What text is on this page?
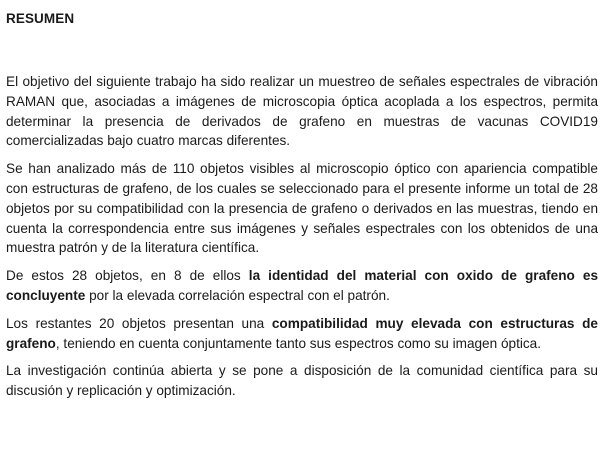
RESUMEN

El objetivo del siguiente trabajo ha sido realizar un muestreo de señales espectrales de vibración RAMAN que, asociadas a imágenes de microscopia óptica acoplada a los espectros, permita determinar la presencia de derivados de grafeno en muestras de vacunas COVID19 comercializadas bajo cuatro marcas diferentes.

Se han analizado más de 110 objetos visibles al microscopio óptico con apariencia compatible con estructuras de grafeno, de los cuales se seleccionado para el presente informe un total de 28 objetos por su compatibilidad con la presencia de grafeno o derivados en las muestras, tiendo en cuenta la correspondencia entre sus imágenes y señales espectrales con los obtenidos de una muestra patrón y de la literatura científica.

De estos 28 objetos, en 8 de ellos la identidad del material con oxido de grafeno es concluyente por la elevada correlación espectral con el patrón.

Los restantes 20 objetos presentan una compatibilidad muy elevada con estructuras de grafeno, teniendo en cuenta conjuntamente tanto sus espectros como su imagen óptica.

La investigación continúa abierta y se pone a disposición de la comunidad científica para su discusión y replicación y optimización.
